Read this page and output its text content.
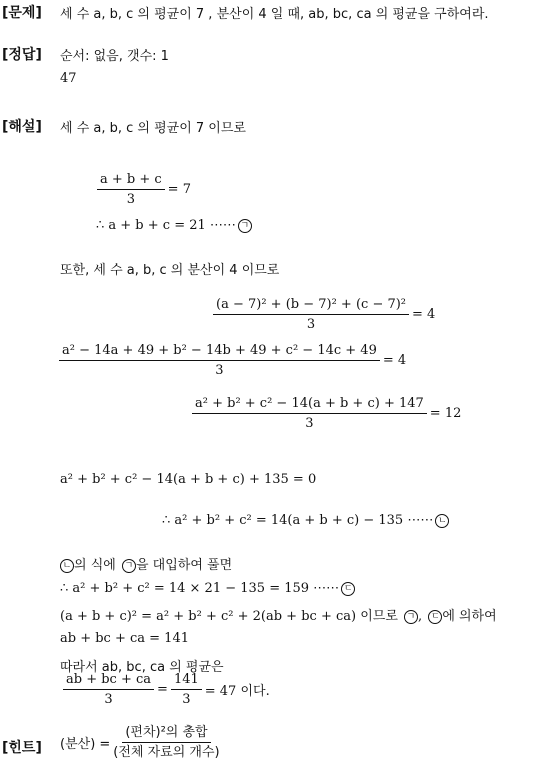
[문제] 세 수 a, b, c 의 평균이 7 , 분산이 4 일 때, ab, bc, ca 의 평균을 구하여라.
[정답] 순서: 없음, 갯수: 1
47
[해설] 세 수 a, b, c 의 평균이 7 이므로
$\frac{a + b + c}{3} = 7$
∴ a + b + c = 21 ⋯⋯ ㄱ
또한, 세 수 a, b, c 의 분산이 4 이므로
$\frac{\text{(a − 7)² + (b − 7)² + (c − 7)²}}{3} = 4$
$\frac{\text{a² − 14a + 49 + b² − 14b + 49 + c² − 14c + 49}}{3} = 4$
$\frac{\text{a² + b² + c² − 14(a + b + c) + 147}}{3} = 12$
a² + b² + c² − 14(a + b + c) + 135 = 0
∴ a² + b² + c² = 14(a + b + c) − 135 ⋯⋯ ㄴ
ㄴ 의 식에 ㄱ 을 대입하여 풀면
∴ a² + b² + c² = 14 × 21 − 135 = 159 ⋯⋯ ㄷ
(a + b + c)² = a² + b² + c² + 2(ab + bc + ca) 이므로 ㄱ , ㄷ 에 의하여
ab + bc + ca = 141
따라서 ab, bc, ca 의 평균은
$\frac{ab + bc + ca}{3} = \frac{141}{3} = 47$ 이다.
[힌트] (분산) = $\frac{\text{(편차)²의 총합}}{\text{(전체 자료의 개수)}}$
